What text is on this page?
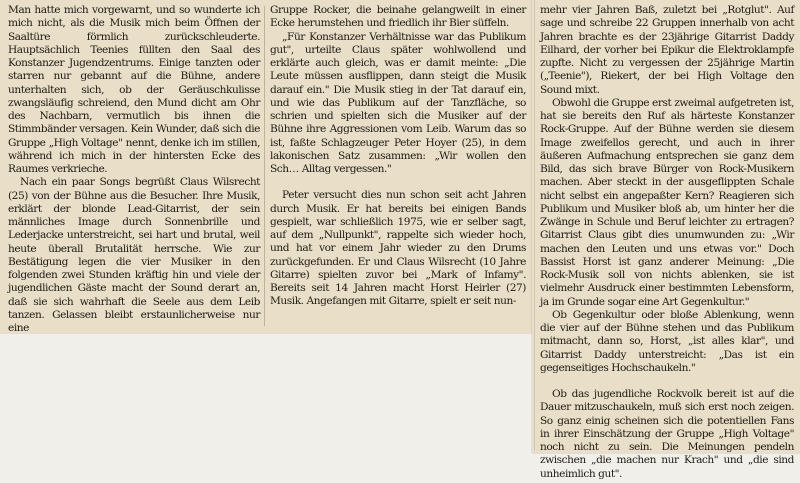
Man hatte mich vorgewarnt, und so wunderte ich mich nicht, als die Musik mich beim Öffnen der Saaltüre förmlich zurückschleuderte. Hauptsächlich Teenies füllten den Saal des Konstanzer Jugendzentrums. Einige tanzten oder starren nur gebannt auf die Bühne, andere unterhalten sich, ob der Geräuschkulisse zwangsläufig schreiend, den Mund dicht am Ohr des Nachbarn, vermutlich bis ihnen die Stimmbänder versagen. Kein Wunder, daß sich die Gruppe „High Voltage" nennt, denke ich im stillen, während ich mich in der hintersten Ecke des Raumes verkrieche.

Nach ein paar Songs begrüßt Claus Wilsrecht (25) von der Bühne aus die Besucher. Ihre Musik, erklärt der blonde Lead-Gitarrist, der sein männliches Image durch Sonnenbrille und Lederjacke unterstreicht, sei hart und brutal, weil heute überall Brutalität herrsche. Wie zur Bestätigung legen die vier Musiker in den folgenden zwei Stunden kräftig hin und viele der jugendlichen Gäste macht der Sound derart an, daß sie sich wahrhaft die Seele aus dem Leib tanzen. Gelassen bleibt erstaunlicherweise nur eine

Gruppe Rocker, die beinahe gelangweilt in einer Ecke herumstehen und friedlich ihr Bier süffeln.

„Für Konstanzer Verhältnisse war das Publikum gut", urteilte Claus später wohlwollend und erklärte auch gleich, was er damit meinte: „Die Leute müssen ausflippen, dann steigt die Musik darauf ein." Die Musik stieg in der Tat darauf ein, und wie das Publikum auf der Tanzfläche, so schrien und spielten sich die Musiker auf der Bühne ihre Aggressionen vom Leib. Warum das so ist, faßte Schlagzeuger Peter Hoyer (25), in dem lakonischen Satz zusammen: „Wir wollen den Sch… Alltag vergessen."

Peter versucht dies nun schon seit acht Jahren durch Musik. Er hat bereits bei einigen Bands gespielt, war schließlich 1975, wie er selber sagt, auf dem „Nullpunkt", rappelte sich wieder hoch, und hat vor einem Jahr wieder zu den Drums zurückgefunden. Er und Claus Wilsrecht (10 Jahre Gitarre) spielten zuvor bei „Mark of Infamy". Bereits seit 14 Jahren macht Horst Heirler (27) Musik. Angefangen mit Gitarre, spielt er seit nun-

mehr vier Jahren Baß, zuletzt bei „Rotglut". Auf sage und schreibe 22 Gruppen innerhalb von acht Jahren brachte es der 23jährige Gitarrist Daddy Eilhard, der vorher bei Epikur die Elektroklampfe zupfte. Nicht zu vergessen der 25jährige Martin („Teenie"), Riekert, der bei High Voltage den Sound mixt.

Obwohl die Gruppe erst zweimal aufgetreten ist, hat sie bereits den Ruf als härteste Konstanzer Rock-Gruppe. Auf der Bühne werden sie diesem Image zweifellos gerecht, und auch in ihrer äußeren Aufmachung entsprechen sie ganz dem Bild, das sich brave Bürger von Rock-Musikern machen. Aber steckt in der ausgeflippten Schale nicht selbst ein angepaßter Kern? Reagieren sich Publikum und Musiker bloß ab, um hinter her die Zwänge in Schule und Beruf leichter zu ertragen? Gitarrist Claus gibt dies unumwunden zu: „Wir machen den Leuten und uns etwas vor." Doch Bassist Horst ist ganz anderer Meinung: „Die Rock-Musik soll von nichts ablenken, sie ist vielmehr Ausdruck einer bestimmten Lebensform, ja im Grunde sogar eine Art Gegenkultur."

Ob Gegenkultur oder bloße Ablenkung, wenn die vier auf der Bühne stehen und das Publikum mitmacht, dann so, Horst, „ist alles klar", und Gitarrist Daddy unterstreicht: „Das ist ein gegenseitiges Hochschaukeln."

Ob das jugendliche Rockvolk bereit ist auf die Dauer mitzuschaukeln, muß sich erst noch zeigen. So ganz einig scheinen sich die potentiellen Fans in ihrer Einschätzung der Gruppe „High Voltage" noch nicht zu sein. Die Meinungen pendeln zwischen „die machen nur Krach" und „die sind unheimlich gut".
